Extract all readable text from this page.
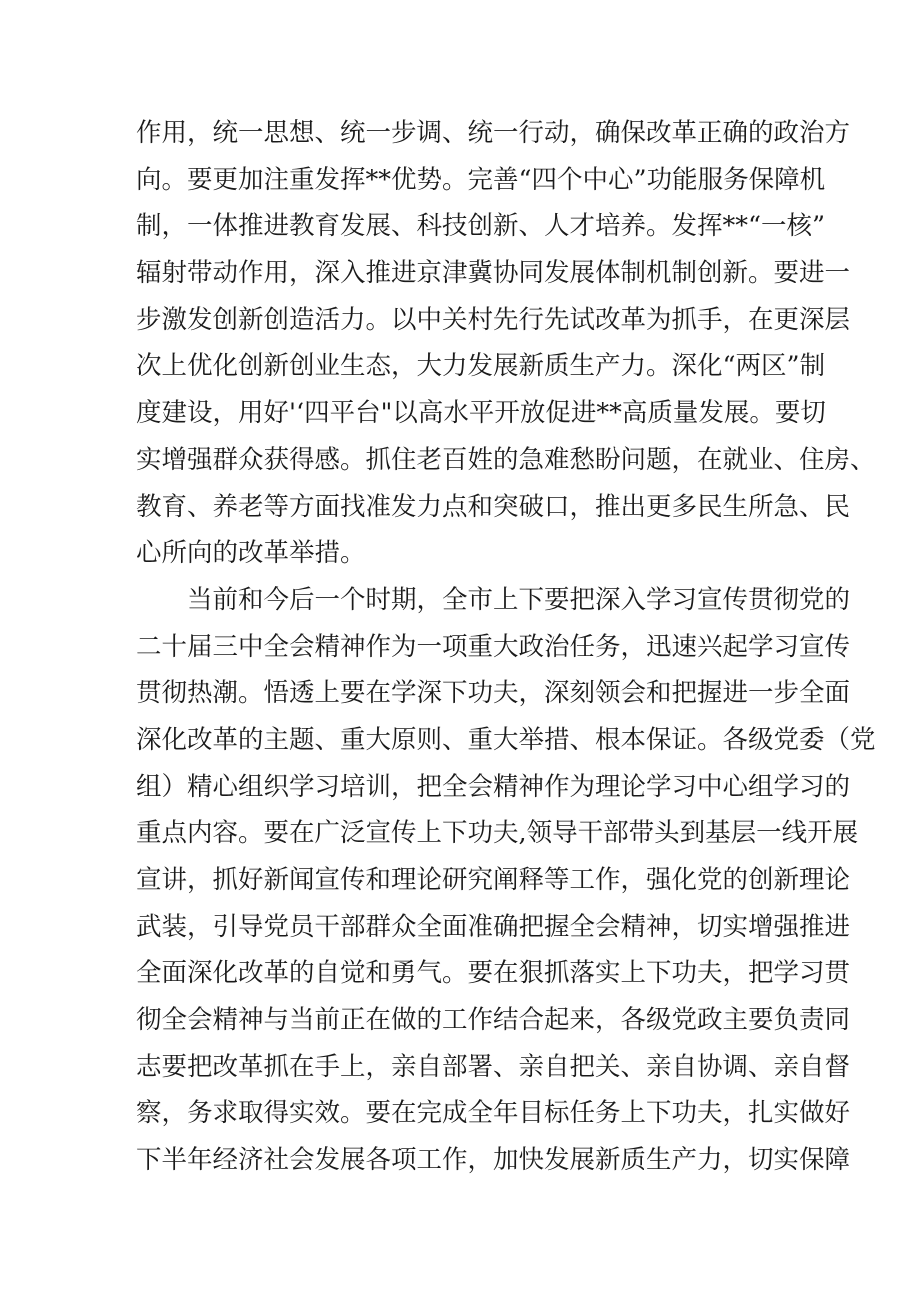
作用，统一思想、统一步调、统一行动，确保改革正确的政治方
向。要更加注重发挥**优势。完善“四个中心”功能服务保障机
制，一体推进教育发展、科技创新、人才培养。发挥**“一核”
辐射带动作用，深入推进京津冀协同发展体制机制创新。要进一
步激发创新创造活力。以中关村先行先试改革为抓手，在更深层
次上优化创新创业生态，大力发展新质生产力。深化“两区”制
度建设，用好'‘四平台"以高水平开放促进**高质量发展。要切
实增强群众获得感。抓住老百姓的急难愁盼问题，在就业、住房、
教育、养老等方面找准发力点和突破口，推出更多民生所急、民
心所向的改革举措。
当前和今后一个时期，全市上下要把深入学习宣传贯彻党的
二十届三中全会精神作为一项重大政治任务，迅速兴起学习宣传
贯彻热潮。悟透上要在学深下功夫，深刻领会和把握进一步全面
深化改革的主题、重大原则、重大举措、根本保证。各级党委（党
组）精心组织学习培训，把全会精神作为理论学习中心组学习的
重点内容。要在广泛宣传上下功夫,领导干部带头到基层一线开展
宣讲，抓好新闻宣传和理论研究阐释等工作，强化党的创新理论
武装，引导党员干部群众全面准确把握全会精神，切实增强推进
全面深化改革的自觉和勇气。要在狠抓落实上下功夫，把学习贯
彻全会精神与当前正在做的工作结合起来，各级党政主要负责同
志要把改革抓在手上，亲自部署、亲自把关、亲自协调、亲自督
察，务求取得实效。要在完成全年目标任务上下功夫，扎实做好
下半年经济社会发展各项工作，加快发展新质生产力，切实保障
